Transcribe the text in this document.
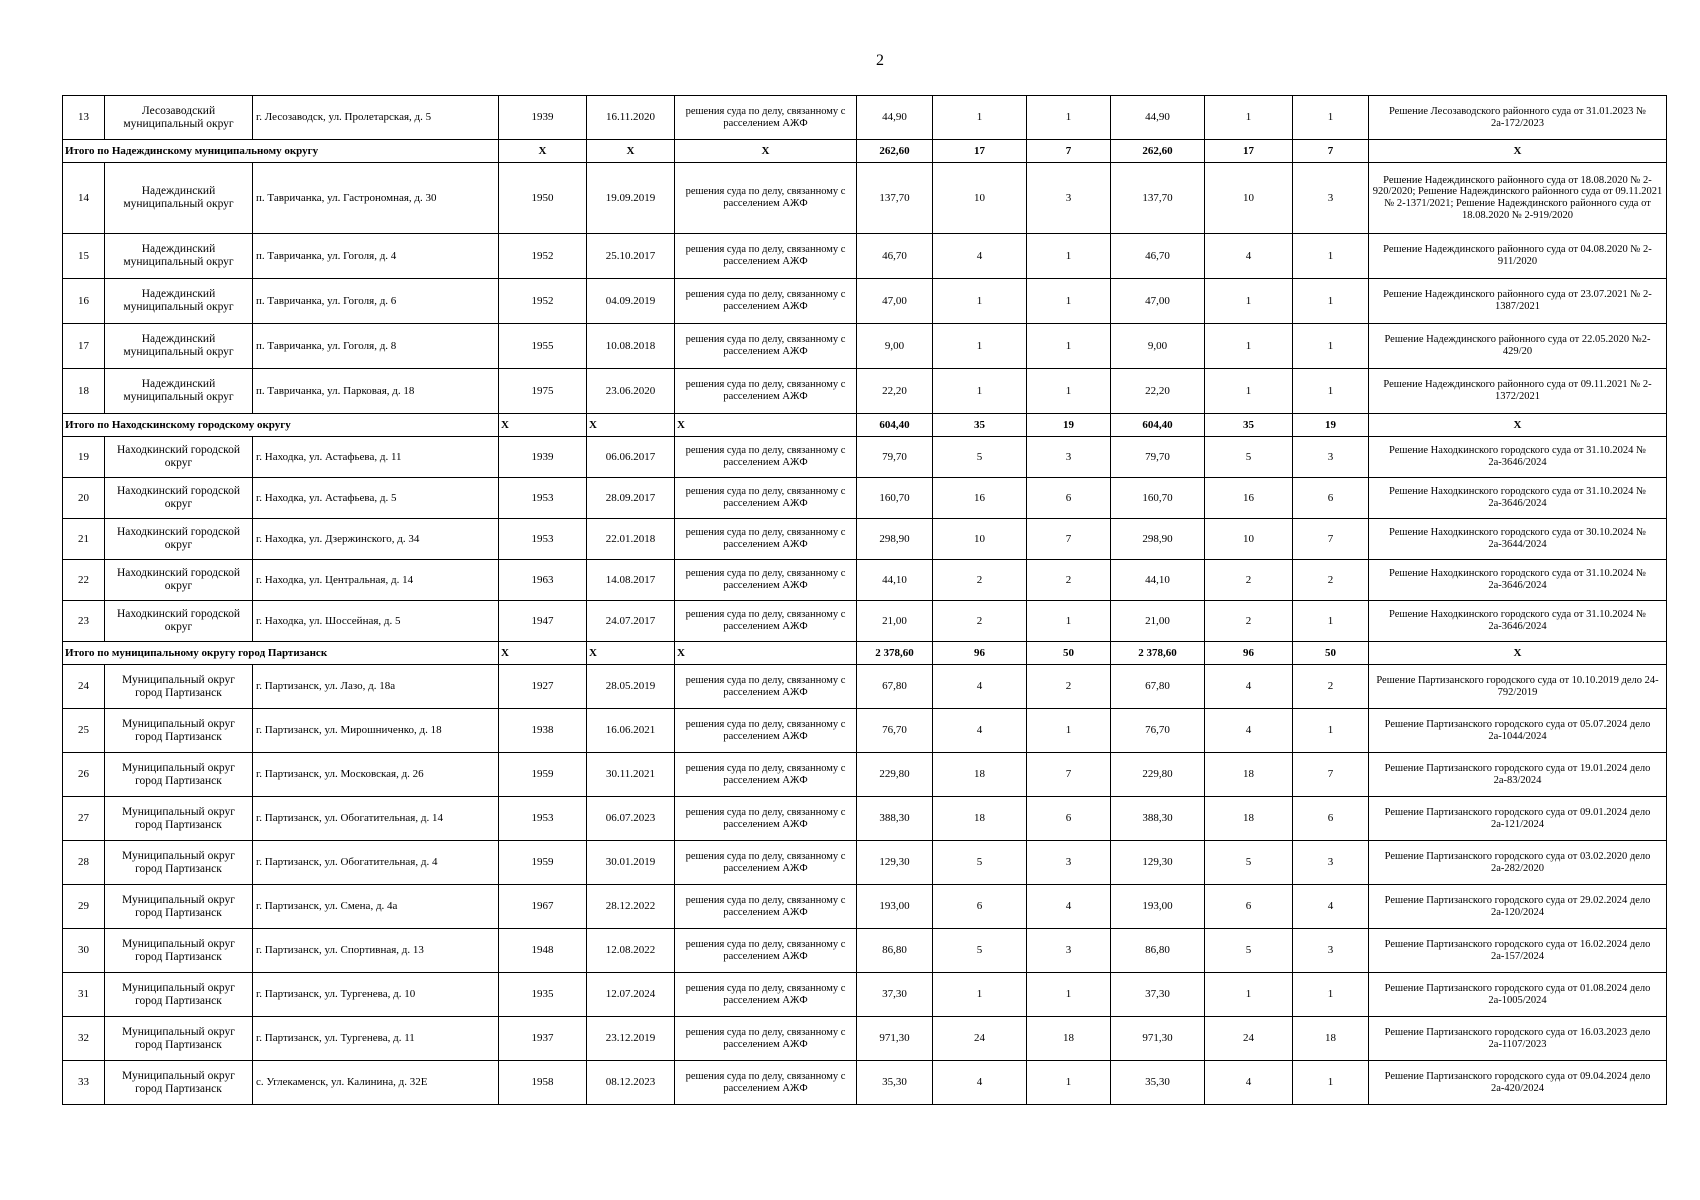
2
13	Лесозаводский муниципальный округ	г. Лесозаводск, ул. Пролетарская, д. 5	1939	16.11.2020	решения суда по делу, связанному с расселением АЖФ	44,90	1	1	44,90	1	1	Решение Лесозаводского районного суда от 31.01.2023 № 2а-172/2023
Итого по Надеждинскому муниципальному округу			X	X	X	262,60	17	7	262,60	17	7	X
14	Надеждинский муниципальный округ	п. Тавричанка, ул. Гастрономная, д. 30	1950	19.09.2019	решения суда по делу, связанному с расселением АЖФ	137,70	10	3	137,70	10	3	Решение Надеждинского районного суда от 18.08.2020 № 2-920/2020; Решение Надеждинского районного суда от 09.11.2021 № 2-1371/2021; Решение Надеждинского районного суда от 18.08.2020 № 2-919/2020
15	Надеждинский муниципальный округ	п. Тавричанка, ул. Гоголя, д. 4	1952	25.10.2017	решения суда по делу, связанному с расселением АЖФ	46,70	4	1	46,70	4	1	Решение Надеждинского районного суда от 04.08.2020 № 2-911/2020
16	Надеждинский муниципальный округ	п. Тавричанка, ул. Гоголя, д. 6	1952	04.09.2019	решения суда по делу, связанному с расселением АЖФ	47,00	1	1	47,00	1	1	Решение Надеждинского районного суда от 23.07.2021 № 2-1387/2021
17	Надеждинский муниципальный округ	п. Тавричанка, ул. Гоголя, д. 8	1955	10.08.2018	решения суда по делу, связанному с расселением АЖФ	9,00	1	1	9,00	1	1	Решение Надеждинского районного суда от 22.05.2020 №2-429/20
18	Надеждинский муниципальный округ	п. Тавричанка, ул. Парковая, д. 18	1975	23.06.2020	решения суда по делу, связанному с расселением АЖФ	22,20	1	1	22,20	1	1	Решение Надеждинского районного суда от 09.11.2021 № 2-1372/2021
Итого по Находскинскому городскому округу			X	X	X	604,40	35	19	604,40	35	19	X
19	Находкинский городской округ	г. Находка, ул. Астафьева, д. 11	1939	06.06.2017	решения суда по делу, связанному с расселением АЖФ	79,70	5	3	79,70	5	3	Решение Находкинского городского суда от 31.10.2024 № 2а-3646/2024
20	Находкинский городской округ	г. Находка, ул. Астафьева, д. 5	1953	28.09.2017	решения суда по делу, связанному с расселением АЖФ	160,70	16	6	160,70	16	6	Решение Находкинского городского суда от 31.10.2024 № 2а-3646/2024
21	Находкинский городской округ	г. Находка, ул. Дзержинского, д. 34	1953	22.01.2018	решения суда по делу, связанному с расселением АЖФ	298,90	10	7	298,90	10	7	Решение Находкинского городского суда от 30.10.2024 № 2а-3644/2024
22	Находкинский городской округ	г. Находка, ул. Центральная, д. 14	1963	14.08.2017	решения суда по делу, связанному с расселением АЖФ	44,10	2	2	44,10	2	2	Решение Находкинского городского суда от 31.10.2024 № 2а-3646/2024
23	Находкинский городской округ	г. Находка, ул. Шоссейная, д. 5	1947	24.07.2017	решения суда по делу, связанному с расселением АЖФ	21,00	2	1	21,00	2	1	Решение Находкинского городского суда от 31.10.2024 № 2а-3646/2024
Итого по муниципальному округу город Партизанск			X	X	X	2 378,60	96	50	2 378,60	96	50	X
24	Муниципальный округ город Партизанск	г. Партизанск, ул. Лазо, д. 18а	1927	28.05.2019	решения суда по делу, связанному с расселением АЖФ	67,80	4	2	67,80	4	2	Решение Партизанского городского суда от 10.10.2019 дело 24-792/2019
25	Муниципальный округ город Партизанск	г. Партизанск, ул. Мирошниченко, д. 18	1938	16.06.2021	решения суда по делу, связанному с расселением АЖФ	76,70	4	1	76,70	4	1	Решение Партизанского городского суда от 05.07.2024 дело 2а-1044/2024
26	Муниципальный округ город Партизанск	г. Партизанск, ул. Московская, д. 26	1959	30.11.2021	решения суда по делу, связанному с расселением АЖФ	229,80	18	7	229,80	18	7	Решение Партизанского городского суда от 19.01.2024 дело 2а-83/2024
27	Муниципальный округ город Партизанск	г. Партизанск, ул. Обогатительная, д. 14	1953	06.07.2023	решения суда по делу, связанному с расселением АЖФ	388,30	18	6	388,30	18	6	Решение Партизанского городского суда от 09.01.2024 дело 2а-121/2024
28	Муниципальный округ город Партизанск	г. Партизанск, ул. Обогатительная, д. 4	1959	30.01.2019	решения суда по делу, связанному с расселением АЖФ	129,30	5	3	129,30	5	3	Решение Партизанского городского суда от 03.02.2020 дело 2а-282/2020
29	Муниципальный округ город Партизанск	г. Партизанск, ул. Смена, д. 4а	1967	28.12.2022	решения суда по делу, связанному с расселением АЖФ	193,00	6	4	193,00	6	4	Решение Партизанского городского суда от 29.02.2024 дело 2а-120/2024
30	Муниципальный округ город Партизанск	г. Партизанск, ул. Спортивная, д. 13	1948	12.08.2022	решения суда по делу, связанному с расселением АЖФ	86,80	5	3	86,80	5	3	Решение Партизанского городского суда от 16.02.2024 дело 2а-157/2024
31	Муниципальный округ город Партизанск	г. Партизанск, ул. Тургенева, д. 10	1935	12.07.2024	решения суда по делу, связанному с расселением АЖФ	37,30	1	1	37,30	1	1	Решение Партизанского городского суда от 01.08.2024 дело 2а-1005/2024
32	Муниципальный округ город Партизанск	г. Партизанск, ул. Тургенева, д. 11	1937	23.12.2019	решения суда по делу, связанному с расселением АЖФ	971,30	24	18	971,30	24	18	Решение Партизанского городского суда от 16.03.2023 дело 2а-1107/2023
33	Муниципальный округ город Партизанск	с. Углекаменск, ул. Калинина, д. 32Е	1958	08.12.2023	решения суда по делу, связанному с расселением АЖФ	35,30	4	1	35,30	4	1	Решение Партизанского городского суда от 09.04.2024 дело 2а-420/2024
